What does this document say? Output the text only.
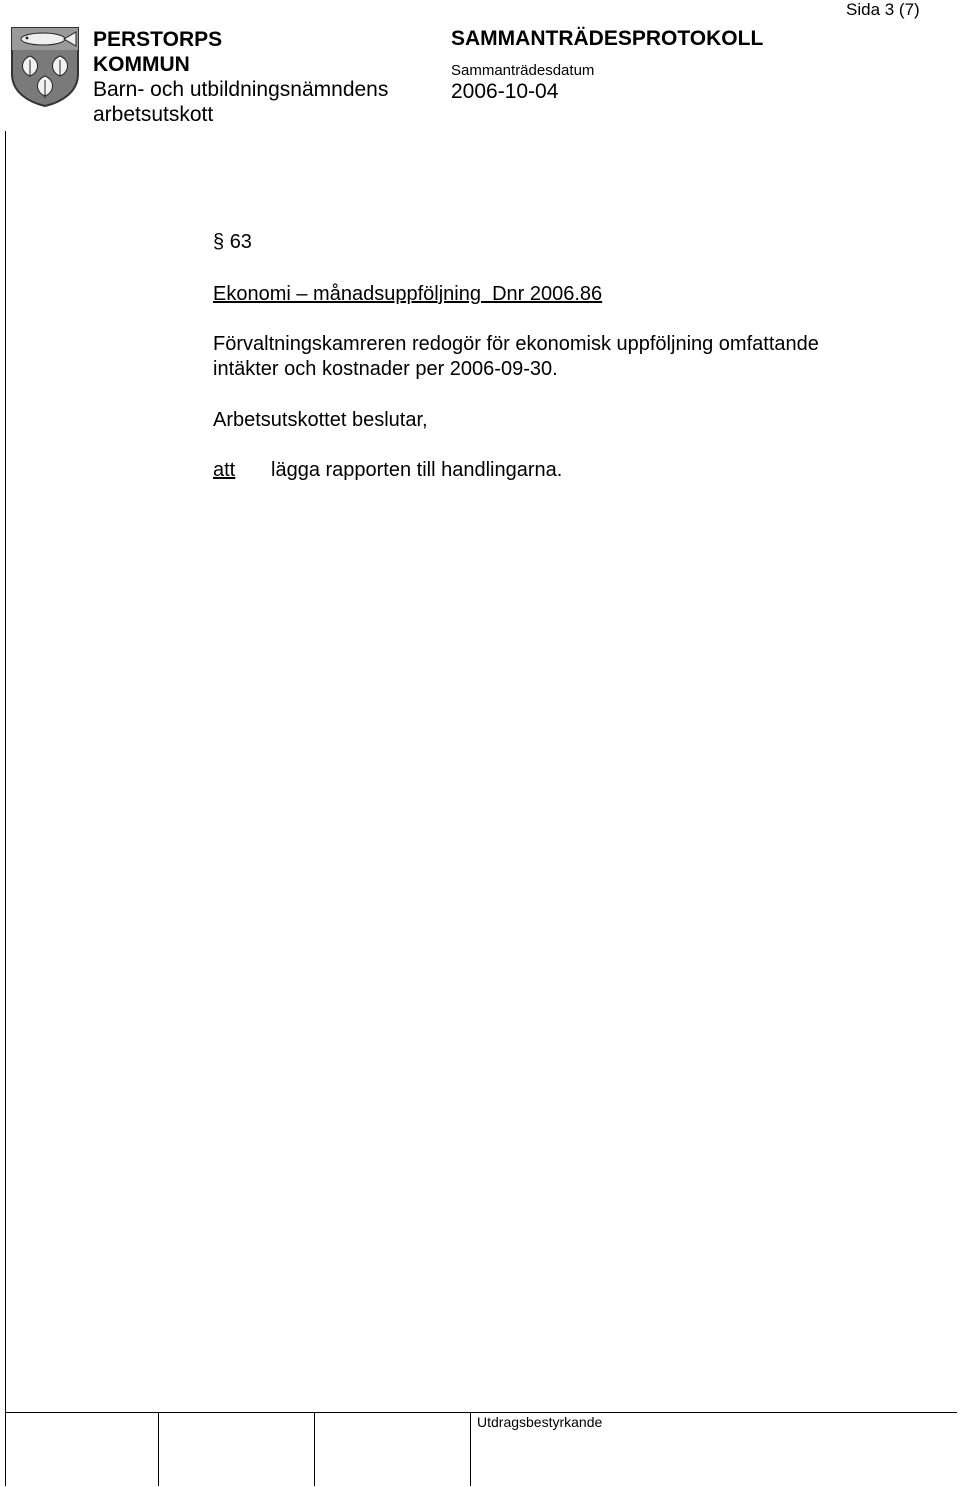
PERSTORPS
KOMMUN
Barn- och utbildningsnämndens
arbetsutskott
SAMMANTRÄDESPROTOKOLL
Sammanträdesdatum
2006-10-04
Sida 3 (7)
§ 63
Ekonomi – månadsuppföljning Dnr 2006.86
Förvaltningskamreren redogör för ekonomisk uppföljning omfattande
intäkter och kostnader per 2006-09-30.
Arbetsutskottet beslutar,
att lägga rapporten till handlingarna.
Utdragsbestyrkande
